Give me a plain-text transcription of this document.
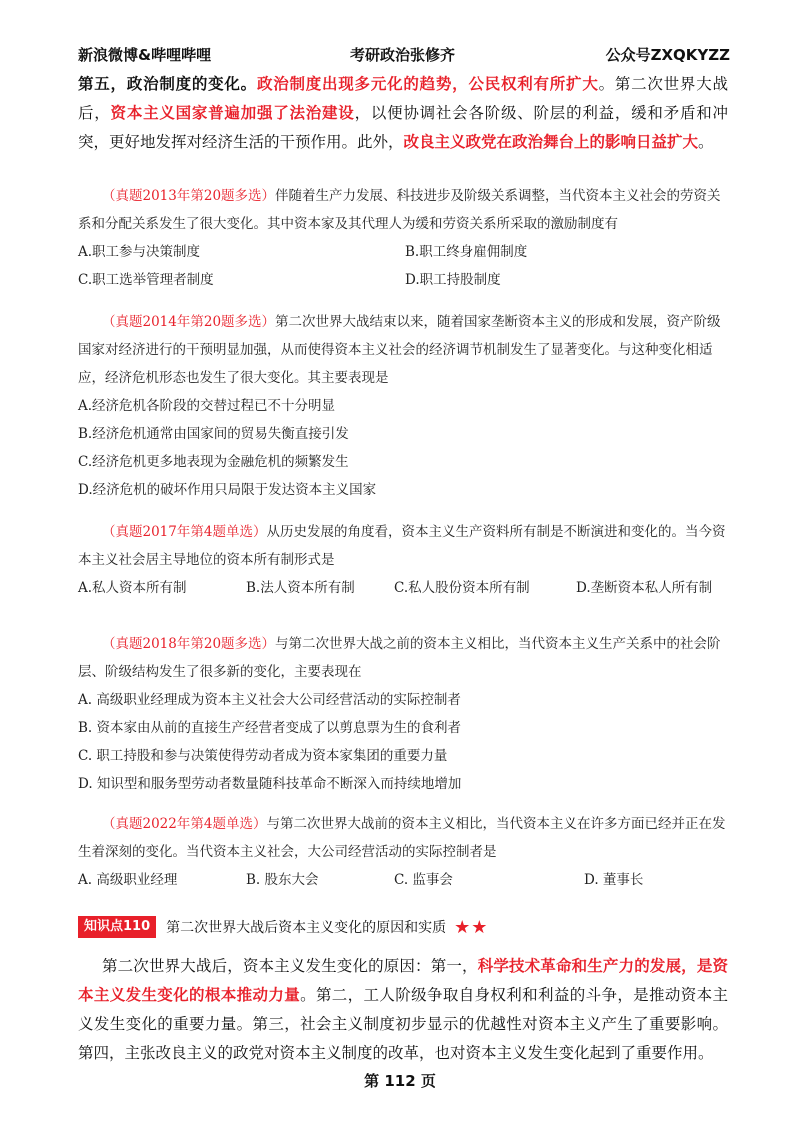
新浪微博&哔哩哔哩	考研政治张修齐	公众号ZXQKYZZ
第五，政治制度的变化。政治制度出现多元化的趋势，公民权利有所扩大。第二次世界大战后，资本主义国家普遍加强了法治建设，以便协调社会各阶级、阶层的利益，缓和矛盾和冲突，更好地发挥对经济生活的干预作用。此外，改良主义政党在政治舞台上的影响日益扩大。
（真题2013年第20题多选）伴随着生产力发展、科技进步及阶级关系调整，当代资本主义社会的劳资关系和分配关系发生了很大变化。其中资本家及其代理人为缓和劳资关系所采取的激励制度有
A.职工参与决策制度	B.职工终身雇佣制度
C.职工选举管理者制度	D.职工持股制度
（真题2014年第20题多选）第二次世界大战结束以来，随着国家垄断资本主义的形成和发展，资产阶级国家对经济进行的干预明显加强，从而使得资本主义社会的经济调节机制发生了显著变化。与这种变化相适应，经济危机形态也发生了很大变化。其主要表现是
A.经济危机各阶段的交替过程已不十分明显
B.经济危机通常由国家间的贸易失衡直接引发
C.经济危机更多地表现为金融危机的频繁发生
D.经济危机的破坏作用只局限于发达资本主义国家
（真题2017年第4题单选）从历史发展的角度看，资本主义生产资料所有制是不断演进和变化的。当今资本主义社会居主导地位的资本所有制形式是
A.私人资本所有制	B.法人资本所有制	C.私人股份资本所有制	D.垄断资本私人所有制
（真题2018年第20题多选）与第二次世界大战之前的资本主义相比，当代资本主义生产关系中的社会阶层、阶级结构发生了很多新的变化，主要表现在
A. 高级职业经理成为资本主义社会大公司经营活动的实际控制者
B. 资本家由从前的直接生产经营者变成了以剪息票为生的食利者
C. 职工持股和参与决策使得劳动者成为资本家集团的重要力量
D. 知识型和服务型劳动者数量随科技革命不断深入而持续地增加
（真题2022年第4题单选）与第二次世界大战前的资本主义相比，当代资本主义在许多方面已经并正在发生着深刻的变化。当代资本主义社会，大公司经营活动的实际控制者是
A. 高级职业经理	B. 股东大会	C. 监事会	D. 董事长
知识点110	第二次世界大战后资本主义变化的原因和实质 ★★
第二次世界大战后，资本主义发生变化的原因：第一，科学技术革命和生产力的发展，是资本主义发生变化的根本推动力量。第二，工人阶级争取自身权利和利益的斗争，是推动资本主义发生变化的重要力量。第三，社会主义制度初步显示的优越性对资本主义产生了重要影响。第四，主张改良主义的政党对资本主义制度的改革，也对资本主义发生变化起到了重要作用。
第 112 页
